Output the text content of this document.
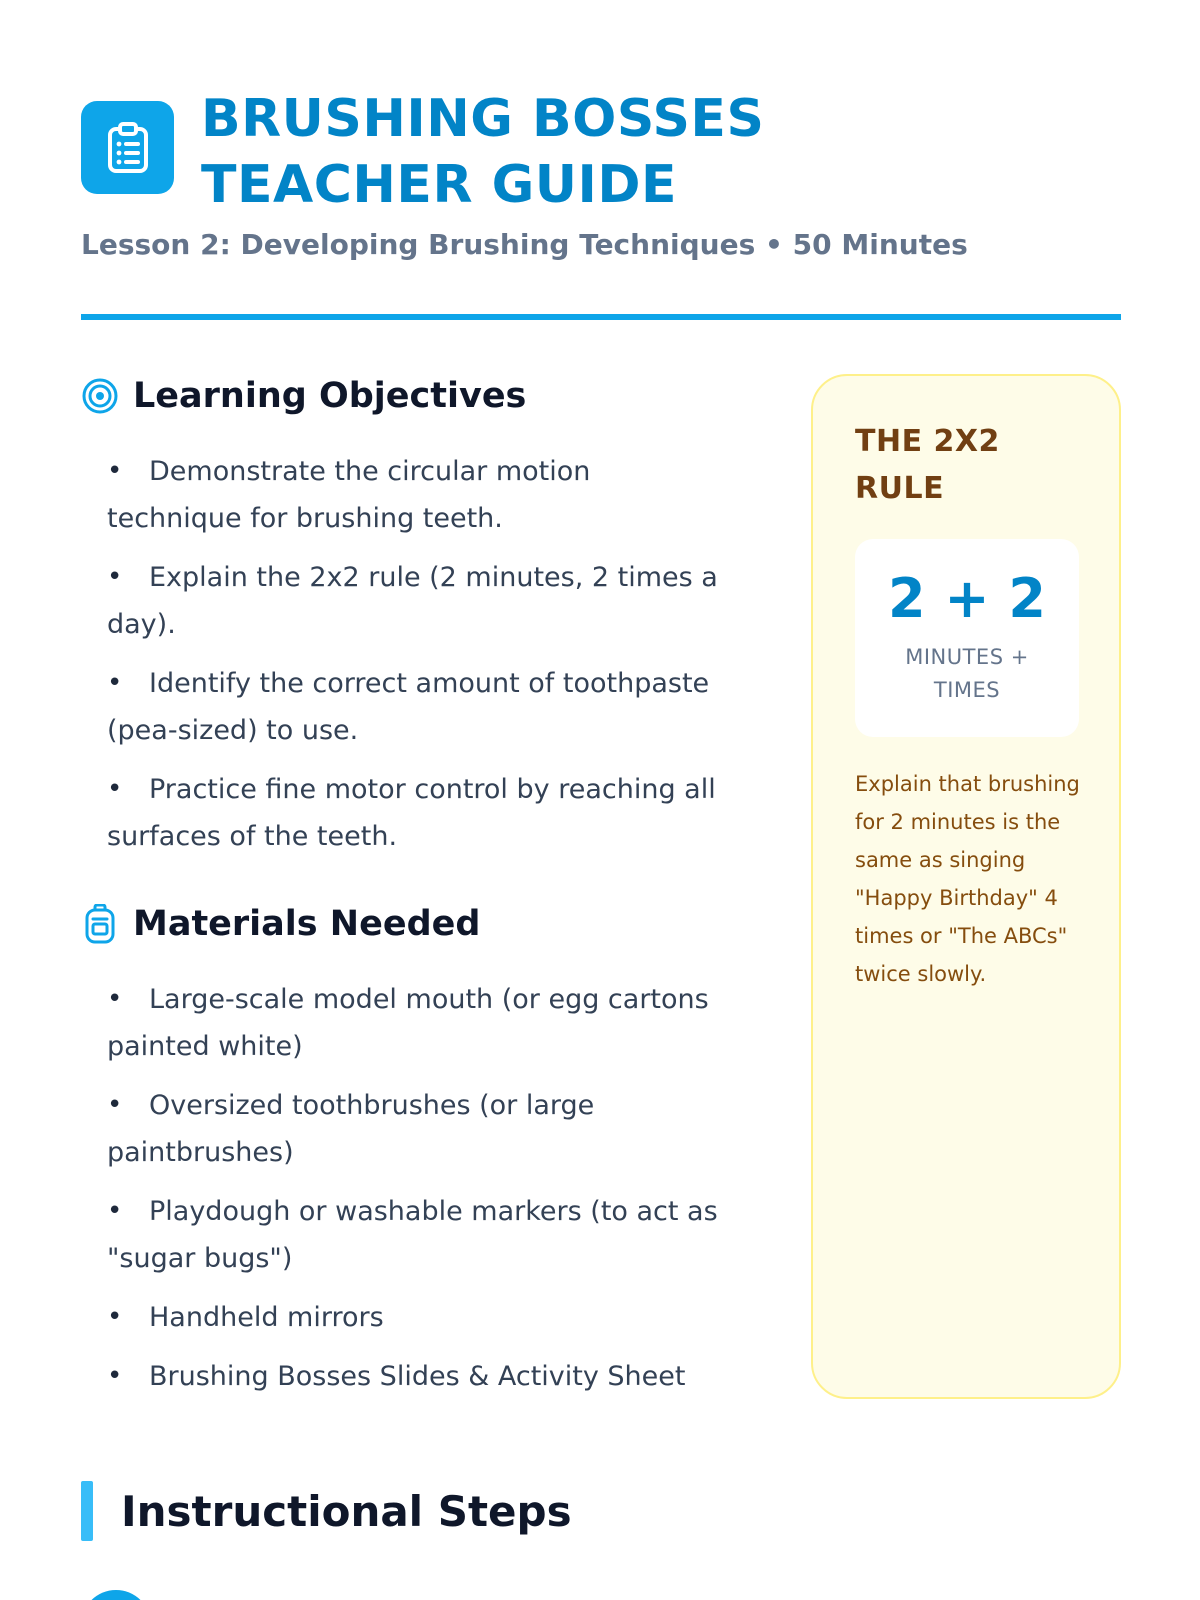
BRUSHING BOSSES
TEACHER GUIDE
Lesson 2: Developing Brushing Techniques • 50 Minutes
Learning Objectives
• Demonstrate the circular motion technique for brushing teeth.
• Explain the 2x2 rule (2 minutes, 2 times a day).
• Identify the correct amount of toothpaste (pea-sized) to use.
• Practice fine motor control by reaching all surfaces of the teeth.
Materials Needed
• Large-scale model mouth (or egg cartons painted white)
• Oversized toothbrushes (or large paintbrushes)
• Playdough or washable markers (to act as "sugar bugs")
• Handheld mirrors
• Brushing Bosses Slides & Activity Sheet
THE 2X2 RULE
2 + 2
MINUTES + TIMES
Explain that brushing for 2 minutes is the same as singing "Happy Birthday" 4 times or "The ABCs" twice slowly.
Instructional Steps
